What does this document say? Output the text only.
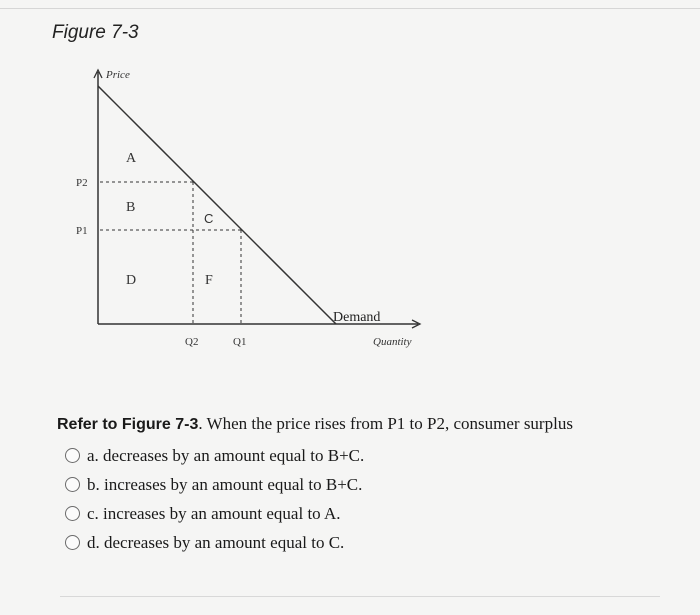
Figure 7-3
Price
Quantity
Demand
P2
P1
Q2	Q1
A
B
C
D	F
Refer to Figure 7-3. When the price rises from P1 to P2, consumer surplus
a.
decreases by an amount equal to B+C.
b.
increases by an amount equal to B+C.
c.
increases by an amount equal to A.
d.
decreases by an amount equal to C.
